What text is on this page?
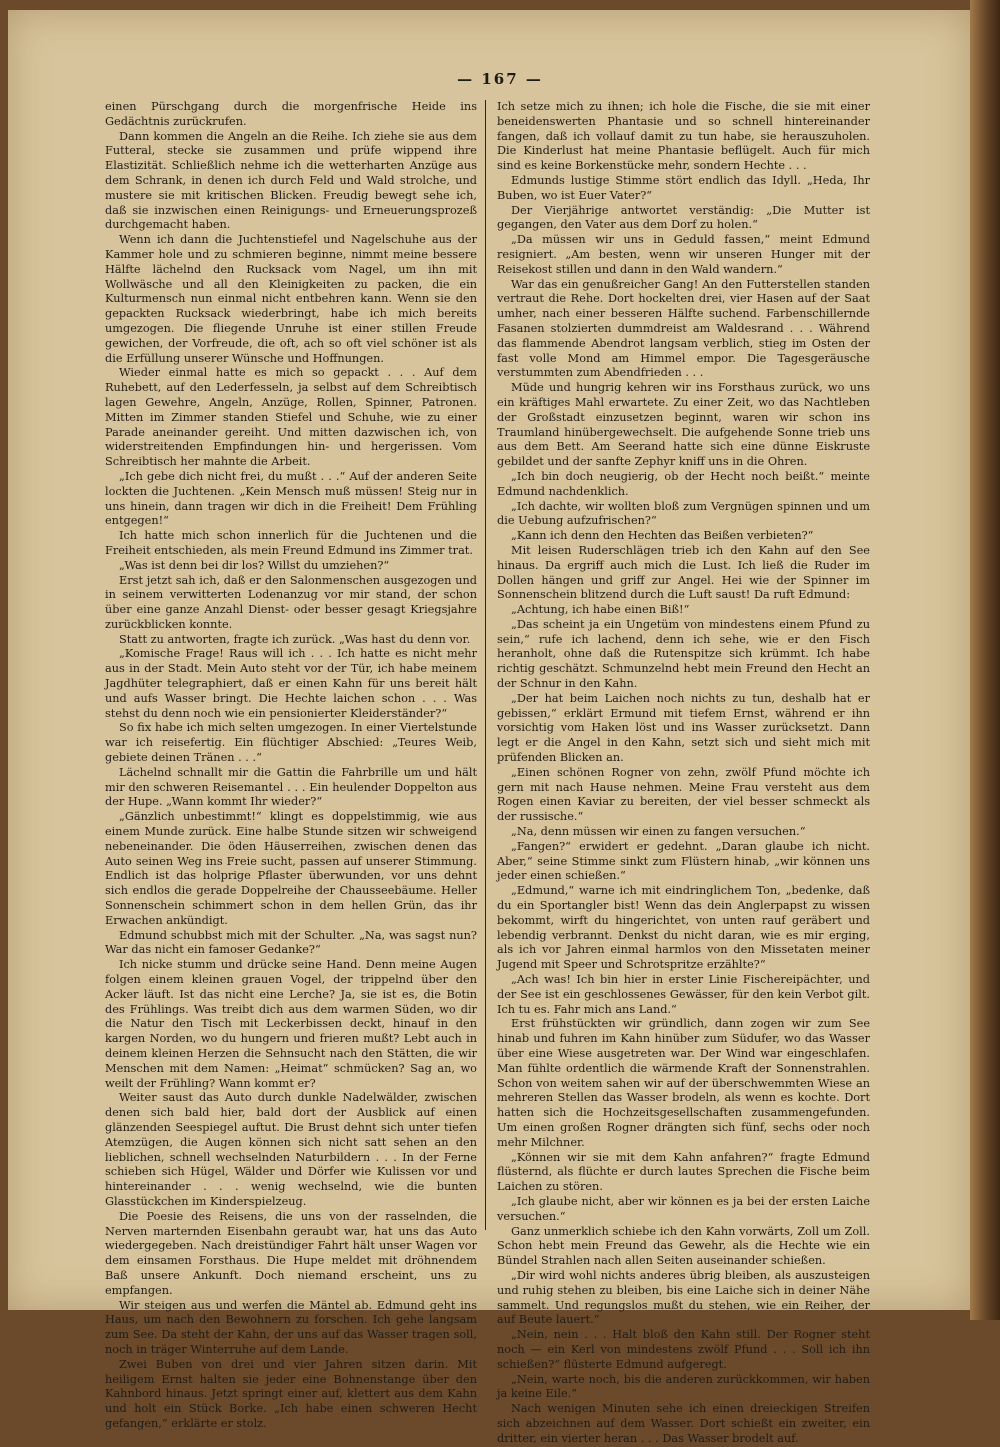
— 167 —

einen Pürschgang durch die morgenfrische Heide ins Gedächtnis zurückrufen.

Dann kommen die Angeln an die Reihe. Ich ziehe sie aus dem Futteral, stecke sie zusammen und prüfe wippend ihre Elastizität. Schließlich nehme ich die wetterharten Anzüge aus dem Schrank, in denen ich durch Feld und Wald strolche, und mustere sie mit kritischen Blicken. Freudig bewegt sehe ich, daß sie inzwischen einen Reinigungs- und Erneuerungsprozeß durchgemacht haben.

Wenn ich dann die Juchtenstiefel und Nagelschuhe aus der Kammer hole und zu schmieren beginne, nimmt meine bessere Hälfte lächelnd den Rucksack vom Nagel, um ihn mit Wollwäsche und all den Kleinigkeiten zu packen, die ein Kulturmensch nun einmal nicht entbehren kann. Wenn sie den gepackten Rucksack wiederbringt, habe ich mich bereits umgezogen. Die fliegende Unruhe ist einer stillen Freude gewichen, der Vorfreude, die oft, ach so oft viel schöner ist als die Erfüllung unserer Wünsche und Hoffnungen.

Wieder einmal hatte es mich so gepackt . . . Auf dem Ruhebett, auf den Lederfesseln, ja selbst auf dem Schreibtisch lagen Gewehre, Angeln, Anzüge, Rollen, Spinner, Patronen. Mitten im Zimmer standen Stiefel und Schuhe, wie zu einer Parade aneinander gereiht. Und mitten dazwischen ich, von widerstreitenden Empfindungen hin- und hergerissen. Vom Schreibtisch her mahnte die Arbeit.

„Ich gebe dich nicht frei, du mußt . . .“ Auf der anderen Seite lockten die Juchtenen. „Kein Mensch muß müssen! Steig nur in uns hinein, dann tragen wir dich in die Freiheit! Dem Frühling entgegen!“

Ich hatte mich schon innerlich für die Juchtenen und die Freiheit entschieden, als mein Freund Edmund ins Zimmer trat.

„Was ist denn bei dir los? Willst du umziehen?“

Erst jetzt sah ich, daß er den Salonmenschen ausgezogen und in seinem verwitterten Lodenanzug vor mir stand, der schon über eine ganze Anzahl Dienst- oder besser gesagt Kriegsjahre zurückblicken konnte.

Statt zu antworten, fragte ich zurück. „Was hast du denn vor.

„Komische Frage! Raus will ich . . . Ich hatte es nicht mehr aus in der Stadt. Mein Auto steht vor der Tür, ich habe meinem Jagdhüter telegraphiert, daß er einen Kahn für uns bereit hält und aufs Wasser bringt. Die Hechte laichen schon . . . Was stehst du denn noch wie ein pensionierter Kleiderständer?“

So fix habe ich mich selten umgezogen. In einer Viertelstunde war ich reisefertig. Ein flüchtiger Abschied: „Teures Weib, gebiete deinen Tränen . . .“

Lächelnd schnallt mir die Gattin die Fahrbrille um und hält mir den schweren Reisemantel . . . Ein heulender Doppelton aus der Hupe. „Wann kommt Ihr wieder?“

„Gänzlich unbestimmt!“ klingt es doppelstimmig, wie aus einem Munde zurück. Eine halbe Stunde sitzen wir schweigend nebeneinander. Die öden Häuserreihen, zwischen denen das Auto seinen Weg ins Freie sucht, passen auf unserer Stimmung. Endlich ist das holprige Pflaster überwunden, vor uns dehnt sich endlos die gerade Doppelreihe der Chausseebäume. Heller Sonnenschein schimmert schon in dem hellen Grün, das ihr Erwachen ankündigt.

Edmund schubbst mich mit der Schulter. „Na, was sagst nun? War das nicht ein famoser Gedanke?“

Ich nicke stumm und drücke seine Hand. Denn meine Augen folgen einem kleinen grauen Vogel, der trippelnd über den Acker läuft. Ist das nicht eine Lerche? Ja, sie ist es, die Botin des Frühlings. Was treibt dich aus dem warmen Süden, wo dir die Natur den Tisch mit Leckerbissen deckt, hinauf in den kargen Norden, wo du hungern und frieren mußt? Lebt auch in deinem kleinen Herzen die Sehnsucht nach den Stätten, die wir Menschen mit dem Namen: „Heimat“ schmücken? Sag an, wo weilt der Frühling? Wann kommt er?

Weiter saust das Auto durch dunkle Nadelwälder, zwischen denen sich bald hier, bald dort der Ausblick auf einen glänzenden Seespiegel auftut. Die Brust dehnt sich unter tiefen Atemzügen, die Augen können sich nicht satt sehen an den lieblichen, schnell wechselnden Naturbildern . . . In der Ferne schieben sich Hügel, Wälder und Dörfer wie Kulissen vor und hintereinander . . . wenig wechselnd, wie die bunten Glasstückchen im Kinderspielzeug.

Die Poesie des Reisens, die uns von der rasselnden, die Nerven marternden Eisenbahn geraubt war, hat uns das Auto wiedergegeben. Nach dreistündiger Fahrt hält unser Wagen vor dem einsamen Forsthaus. Die Hupe meldet mit dröhnendem Baß unsere Ankunft. Doch niemand erscheint, uns zu empfangen.

Wir steigen aus und werfen die Mäntel ab. Edmund geht ins Haus, um nach den Bewohnern zu forschen. Ich gehe langsam zum See. Da steht der Kahn, der uns auf das Wasser tragen soll, noch in träger Winterruhe auf dem Lande.

Zwei Buben von drei und vier Jahren sitzen darin. Mit heiligem Ernst halten sie jeder eine Bohnenstange über den Kahnbord hinaus. Jetzt springt einer auf, klettert aus dem Kahn und holt ein Stück Borke. „Ich habe einen schweren Hecht gefangen,“ erklärte er stolz.

Ich setze mich zu ihnen; ich hole die Fische, die sie mit einer beneidenswerten Phantasie und so schnell hintereinander fangen, daß ich vollauf damit zu tun habe, sie herauszuholen. Die Kinderlust hat meine Phantasie beflügelt. Auch für mich sind es keine Borkenstücke mehr, sondern Hechte . . .

Edmunds lustige Stimme stört endlich das Idyll. „Heda, Ihr Buben, wo ist Euer Vater?“

Der Vierjährige antwortet verständig: „Die Mutter ist gegangen, den Vater aus dem Dorf zu holen.“

„Da müssen wir uns in Geduld fassen,“ meint Edmund resigniert. „Am besten, wenn wir unseren Hunger mit der Reisekost stillen und dann in den Wald wandern.“

War das ein genußreicher Gang! An den Futterstellen standen vertraut die Rehe. Dort hockelten drei, vier Hasen auf der Saat umher, nach einer besseren Hälfte suchend. Farbenschillernde Fasanen stolzierten dummdreist am Waldesrand . . . Während das flammende Abendrot langsam verblich, stieg im Osten der fast volle Mond am Himmel empor. Die Tagesgeräusche verstummten zum Abendfrieden . . .

Müde und hungrig kehren wir ins Forsthaus zurück, wo uns ein kräftiges Mahl erwartete. Zu einer Zeit, wo das Nachtleben der Großstadt einzusetzen beginnt, waren wir schon ins Traumland hinübergewechselt. Die aufgehende Sonne trieb uns aus dem Bett. Am Seerand hatte sich eine dünne Eiskruste gebildet und der sanfte Zephyr kniff uns in die Ohren.

„Ich bin doch neugierig, ob der Hecht noch beißt.“ meinte Edmund nachdenklich.

„Ich dachte, wir wollten bloß zum Vergnügen spinnen und um die Uebung aufzufrischen?“

„Kann ich denn den Hechten das Beißen verbieten?“

Mit leisen Ruderschlägen trieb ich den Kahn auf den See hinaus. Da ergriff auch mich die Lust. Ich ließ die Ruder im Dollen hängen und griff zur Angel. Hei wie der Spinner im Sonnenschein blitzend durch die Luft saust! Da ruft Edmund:

„Achtung, ich habe einen Biß!“

„Das scheint ja ein Ungetüm von mindestens einem Pfund zu sein,“ rufe ich lachend, denn ich sehe, wie er den Fisch heranholt, ohne daß die Rutenspitze sich krümmt. Ich habe richtig geschätzt. Schmunzelnd hebt mein Freund den Hecht an der Schnur in den Kahn.

„Der hat beim Laichen noch nichts zu tun, deshalb hat er gebissen,“ erklärt Ermund mit tiefem Ernst, während er ihn vorsichtig vom Haken löst und ins Wasser zurücksetzt. Dann legt er die Angel in den Kahn, setzt sich und sieht mich mit prüfenden Blicken an.

„Einen schönen Rogner von zehn, zwölf Pfund möchte ich gern mit nach Hause nehmen. Meine Frau versteht aus dem Rogen einen Kaviar zu bereiten, der viel besser schmeckt als der russische.“

„Na, denn müssen wir einen zu fangen versuchen.“

„Fangen?“ erwidert er gedehnt. „Daran glaube ich nicht. Aber,“ seine Stimme sinkt zum Flüstern hinab, „wir können uns jeder einen schießen.“

„Edmund,“ warne ich mit eindringlichem Ton, „bedenke, daß du ein Sportangler bist! Wenn das dein Anglerpapst zu wissen bekommt, wirft du hingerichtet, von unten rauf geräbert und lebendig verbrannt. Denkst du nicht daran, wie es mir erging, als ich vor Jahren einmal harmlos von den Missetaten meiner Jugend mit Speer und Schrotspritze erzählte?“

„Ach was! Ich bin hier in erster Linie Fischereipächter, und der See ist ein geschlossenes Gewässer, für den kein Verbot gilt. Ich tu es. Fahr mich ans Land.“

Erst frühstückten wir gründlich, dann zogen wir zum See hinab und fuhren im Kahn hinüber zum Südufer, wo das Wasser über eine Wiese ausgetreten war. Der Wind war eingeschlafen. Man fühlte ordentlich die wärmende Kraft der Sonnenstrahlen. Schon von weitem sahen wir auf der überschwemmten Wiese an mehreren Stellen das Wasser brodeln, als wenn es kochte. Dort hatten sich die Hochzeitsgesellschaften zusammengefunden. Um einen großen Rogner drängten sich fünf, sechs oder noch mehr Milchner.

„Können wir sie mit dem Kahn anfahren?“ fragte Edmund flüsternd, als flüchte er durch lautes Sprechen die Fische beim Laichen zu stören.

„Ich glaube nicht, aber wir können es ja bei der ersten Laiche versuchen.“

Ganz unmerklich schiebe ich den Kahn vorwärts, Zoll um Zoll. Schon hebt mein Freund das Gewehr, als die Hechte wie ein Bündel Strahlen nach allen Seiten auseinander schießen.

„Dir wird wohl nichts anderes übrig bleiben, als auszusteigen und ruhig stehen zu bleiben, bis eine Laiche sich in deiner Nähe sammelt. Und regungslos mußt du stehen, wie ein Reiher, der auf Beute lauert.“

„Nein, nein . . . Halt bloß den Kahn still. Der Rogner steht noch — ein Kerl von mindestens zwölf Pfund . . . Soll ich ihn schießen?“ flüsterte Edmund aufgeregt.

„Nein, warte noch, bis die anderen zurückkommen, wir haben ja keine Eile.“

Nach wenigen Minuten sehe ich einen dreieckigen Streifen sich abzeichnen auf dem Wasser. Dort schießt ein zweiter, ein dritter, ein vierter heran . . . Das Wasser brodelt auf.
